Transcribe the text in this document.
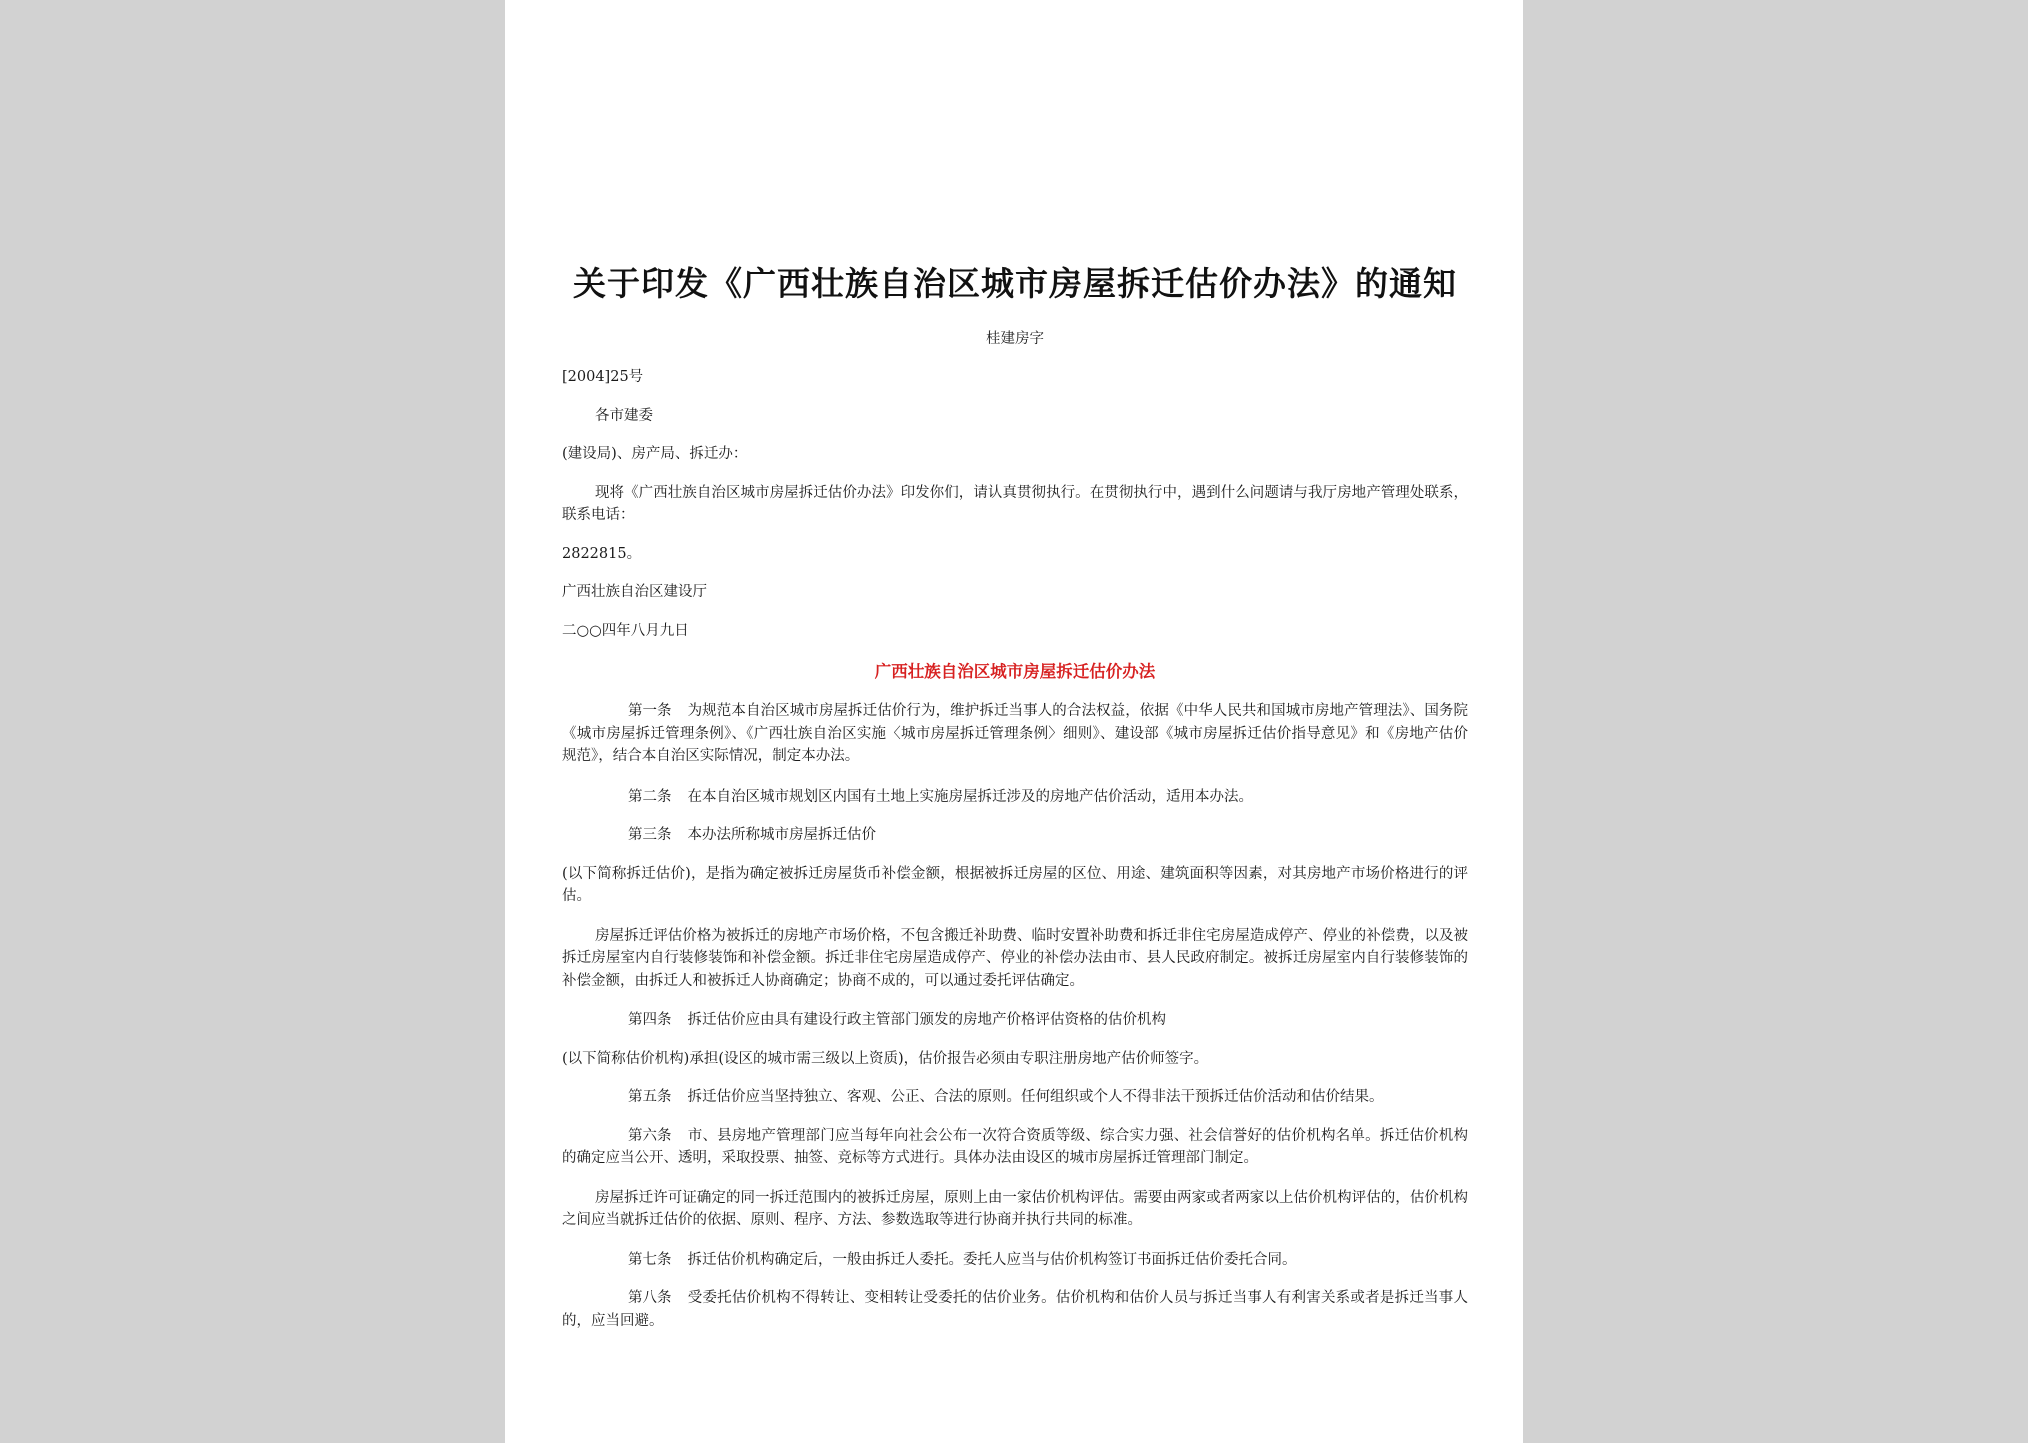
关于印发《广西壮族自治区城市房屋拆迁估价办法》的通知
桂建房字

[2004]25号

各市建委

(建设局)、房产局、拆迁办：

现将《广西壮族自治区城市房屋拆迁估价办法》印发你们，请认真贯彻执行。在贯彻执行中，遇到什么问题请与我厅房地产管理处联系，联系电话：

2822815。

广西壮族自治区建设厅

二○○四年八月九日

广西壮族自治区城市房屋拆迁估价办法

第一条 为规范本自治区城市房屋拆迁估价行为，维护拆迁当事人的合法权益，依据《中华人民共和国城市房地产管理法》、国务院《城市房屋拆迁管理条例》、《广西壮族自治区实施〈城市房屋拆迁管理条例〉细则》、建设部《城市房屋拆迁估价指导意见》和《房地产估价规范》，结合本自治区实际情况，制定本办法。

第二条 在本自治区城市规划区内国有土地上实施房屋拆迁涉及的房地产估价活动，适用本办法。

第三条 本办法所称城市房屋拆迁估价

(以下简称拆迁估价)，是指为确定被拆迁房屋货币补偿金额，根据被拆迁房屋的区位、用途、建筑面积等因素，对其房地产市场价格进行的评估。

房屋拆迁评估价格为被拆迁的房地产市场价格，不包含搬迁补助费、临时安置补助费和拆迁非住宅房屋造成停产、停业的补偿费，以及被拆迁房屋室内自行装修装饰和补偿金额。拆迁非住宅房屋造成停产、停业的补偿办法由市、县人民政府制定。被拆迁房屋室内自行装修装饰的补偿金额，由拆迁人和被拆迁人协商确定；协商不成的，可以通过委托评估确定。

第四条 拆迁估价应由具有建设行政主管部门颁发的房地产价格评估资格的估价机构

(以下简称估价机构)承担(设区的城市需三级以上资质)，估价报告必须由专职注册房地产估价师签字。

第五条 拆迁估价应当坚持独立、客观、公正、合法的原则。任何组织或个人不得非法干预拆迁估价活动和估价结果。

第六条 市、县房地产管理部门应当每年向社会公布一次符合资质等级、综合实力强、社会信誉好的估价机构名单。拆迁估价机构的确定应当公开、透明，采取投票、抽签、竞标等方式进行。具体办法由设区的城市房屋拆迁管理部门制定。

房屋拆迁许可证确定的同一拆迁范围内的被拆迁房屋，原则上由一家估价机构评估。需要由两家或者两家以上估价机构评估的，估价机构之间应当就拆迁估价的依据、原则、程序、方法、参数选取等进行协商并执行共同的标准。

第七条 拆迁估价机构确定后，一般由拆迁人委托。委托人应当与估价机构签订书面拆迁估价委托合同。

第八条 受委托估价机构不得转让、变相转让受委托的估价业务。估价机构和估价人员与拆迁当事人有利害关系或者是拆迁当事人的，应当回避。
